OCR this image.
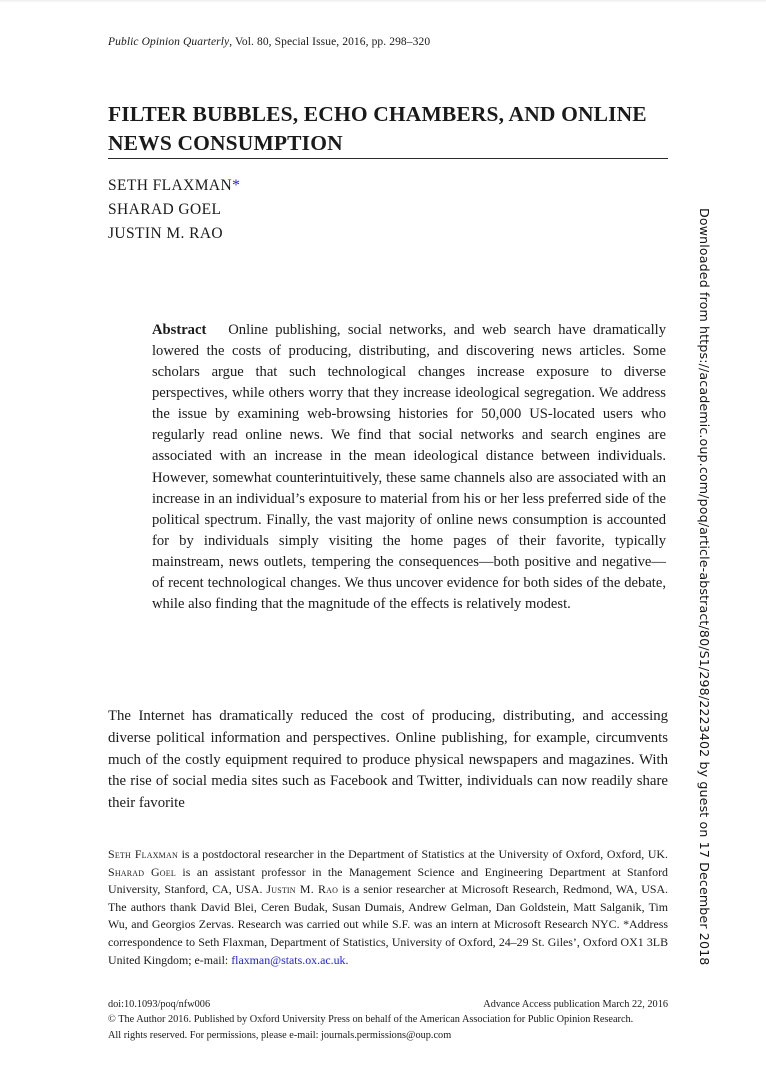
Public Opinion Quarterly, Vol. 80, Special Issue, 2016, pp. 298–320
FILTER BUBBLES, ECHO CHAMBERS, AND ONLINE NEWS CONSUMPTION
SETH FLAXMAN*
SHARAD GOEL
JUSTIN M. RAO
Abstract Online publishing, social networks, and web search have dramatically lowered the costs of producing, distributing, and discovering news articles. Some scholars argue that such technological changes increase exposure to diverse perspectives, while others worry that they increase ideological segregation. We address the issue by examining web-browsing histories for 50,000 US-located users who regularly read online news. We find that social networks and search engines are associated with an increase in the mean ideological distance between individuals. However, somewhat counterintuitively, these same channels also are associated with an increase in an individual’s exposure to material from his or her less preferred side of the political spectrum. Finally, the vast majority of online news consumption is accounted for by individuals simply visiting the home pages of their favorite, typically mainstream, news outlets, tempering the consequences—both positive and negative—of recent technological changes. We thus uncover evidence for both sides of the debate, while also finding that the magnitude of the effects is relatively modest.
The Internet has dramatically reduced the cost of producing, distributing, and accessing diverse political information and perspectives. Online publishing, for example, circumvents much of the costly equipment required to produce physical newspapers and magazines. With the rise of social media sites such as Facebook and Twitter, individuals can now readily share their favorite
Seth Flaxman is a postdoctoral researcher in the Department of Statistics at the University of Oxford, Oxford, UK. Sharad Goel is an assistant professor in the Management Science and Engineering Department at Stanford University, Stanford, CA, USA. Justin M. Rao is a senior researcher at Microsoft Research, Redmond, WA, USA. The authors thank David Blei, Ceren Budak, Susan Dumais, Andrew Gelman, Dan Goldstein, Matt Salganik, Tim Wu, and Georgios Zervas. Research was carried out while S.F. was an intern at Microsoft Research NYC. *Address correspondence to Seth Flaxman, Department of Statistics, University of Oxford, 24–29 St. Giles’, Oxford OX1 3LB United Kingdom; e-mail: flaxman@stats.ox.ac.uk.
doi:10.1093/poq/nfw006	Advance Access publication March 22, 2016
© The Author 2016. Published by Oxford University Press on behalf of the American Association for Public Opinion Research.
All rights reserved. For permissions, please e-mail: journals.permissions@oup.com
Downloaded from https://academic.oup.com/poq/article-abstract/80/S1/298/2223402 by guest on 17 December 2018
